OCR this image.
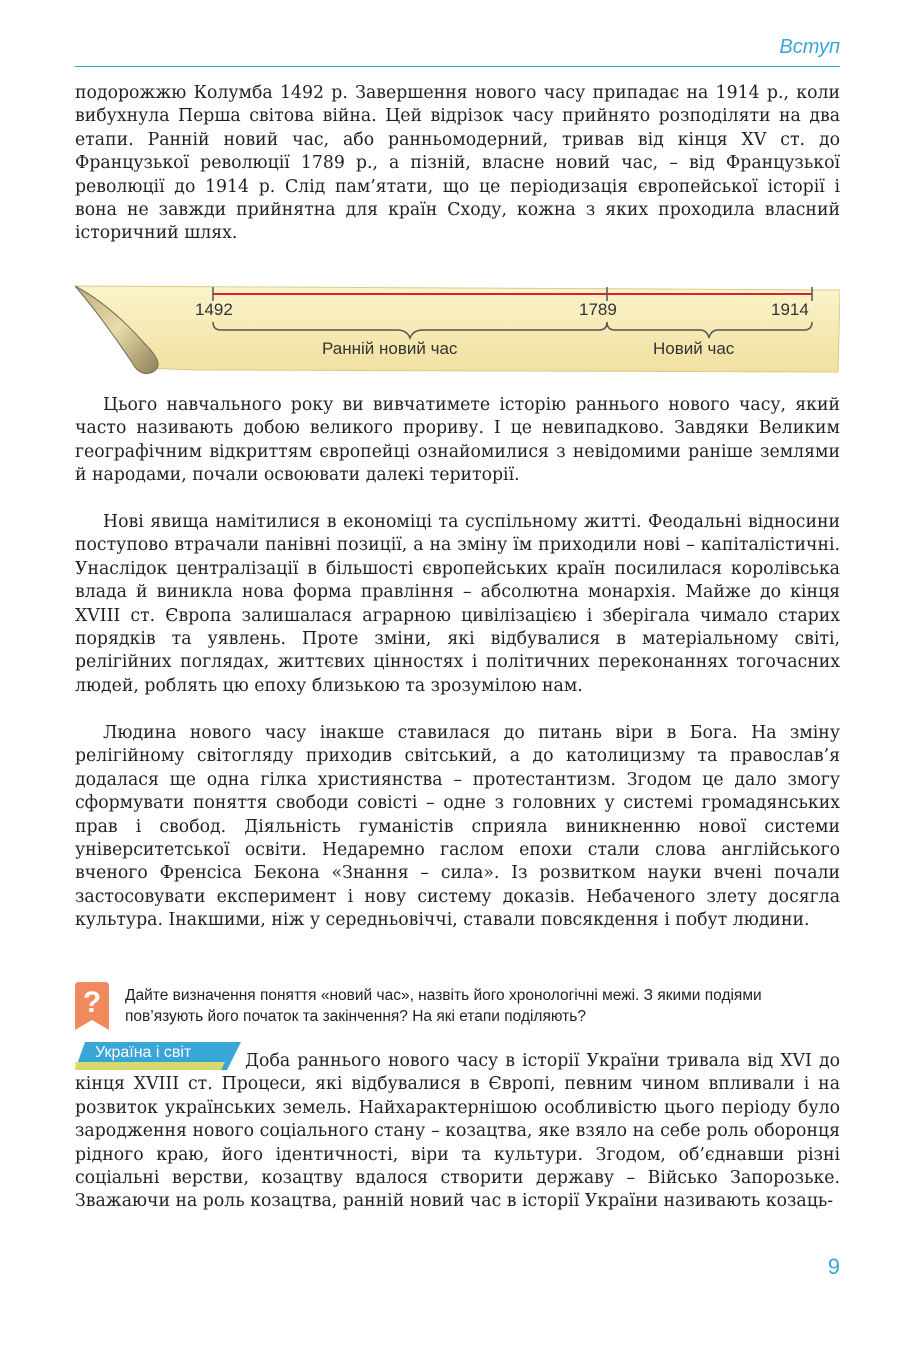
Вступ

подорожжю Колумба 1492 р. Завершення нового часу припадає на 1914 р., коли вибухнула Перша світова війна. Цей відрізок часу прийнято розподіляти на два етапи. Ранній новий час, або ранньомодерний, тривав від кінця XV ст. до Французької революції 1789 р., а пізній, власне новий час, – від Французької революції до 1914 р. Слід пам’ятати, що це періодизація європейської історії і вона не завжди прийнятна для країн Сходу, кожна з яких проходила власний історичний шлях.

1492	1789	1914
Ранній новий час	Новий час

Цього навчального року ви вивчатимете історію раннього нового часу, який часто називають добою великого прориву. І це невипадково. Завдяки Великим географічним відкриттям європейці ознайомилися з невідомими раніше землями й народами, почали освоювати далекі території.

Нові явища намітилися в економіці та суспільному житті. Феодальні відносини поступово втрачали панівні позиції, а на зміну їм приходили нові – капіталістичні. Унаслідок централізації в більшості європейських країн посилилася королівська влада й виникла нова форма правління – абсолютна монархія. Майже до кінця XVIII ст. Європа залишалася аграрною цивілізацією і зберігала чимало старих порядків та уявлень. Проте зміни, які відбувалися в матеріальному світі, релігійних поглядах, життєвих цінностях і політичних переконаннях тогочасних людей, роблять цю епоху близькою та зрозумілою нам.

Людина нового часу інакше ставилася до питань віри в Бога. На зміну релігійному світогляду приходив світський, а до католицизму та православ’я додалася ще одна гілка християнства – протестантизм. Згодом це дало змогу сформувати поняття свободи совісті – одне з головних у системі громадянських прав і свобод. Діяльність гуманістів сприяла виникненню нової системи університетської освіти. Недаремно гаслом епохи стали слова англійського вченого Френсіса Бекона «Знання – сила». Із розвитком науки вчені почали застосовувати експеримент і нову систему доказів. Небаченого злету досягла культура. Інакшими, ніж у середньовіччі, ставали повсякдення і побут людини.

? Дайте визначення поняття «новий час», назвіть його хронологічні межі. З якими подіями пов’язують його початок та закінчення? На які етапи поділяють?

Україна і світ	Доба раннього нового часу в історії України тривала від XVI до кінця XVIII ст. Процеси, які відбувалися в Європі, певним чином впливали і на розвиток українських земель. Найхарактернішою особливістю цього періоду було зародження нового соціального стану – козацтва, яке взяло на себе роль оборонця рідного краю, його ідентичності, віри та культури. Згодом, об’єднавши різні соціальні верстви, козацтву вдалося створити державу – Військо Запорозьке. Зважаючи на роль козацтва, ранній новий час в історії України називають козаць-

9
